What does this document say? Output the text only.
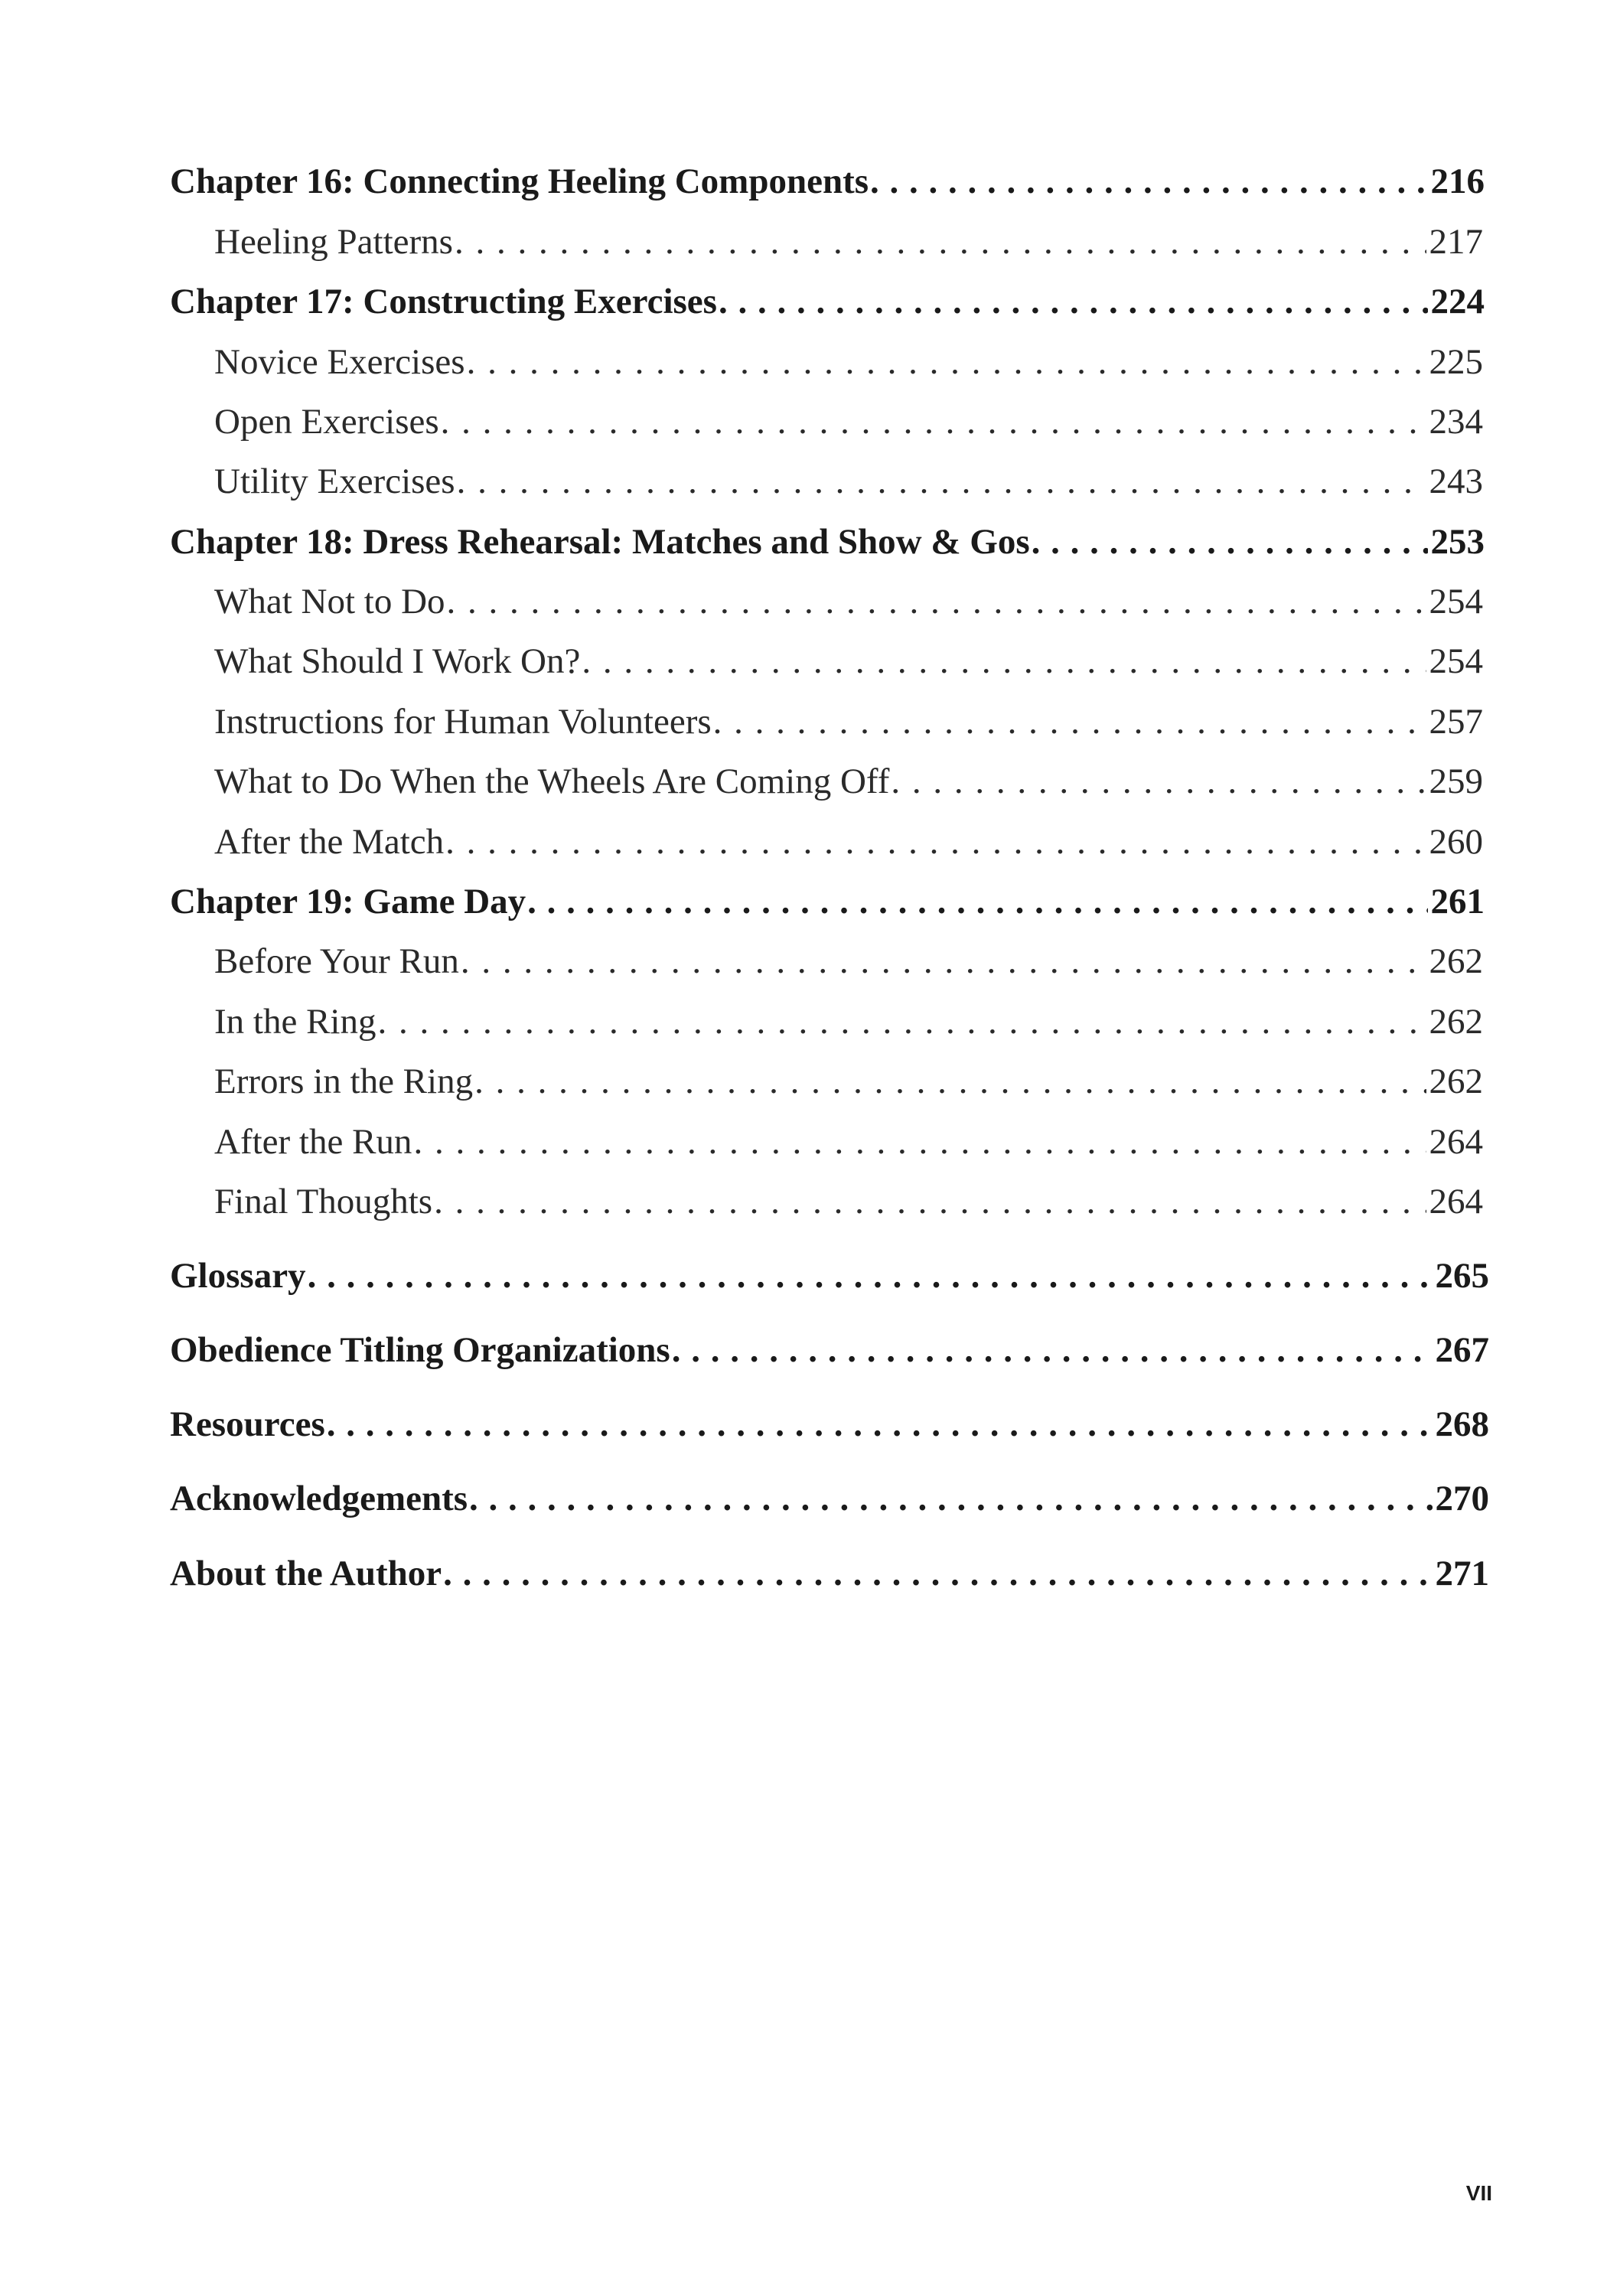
Chapter 16: Connecting Heeling Components . . .	216
Heeling Patterns . . .	217
Chapter 17: Constructing Exercises . . .	224
Novice Exercises . . .	225
Open Exercises . . .	234
Utility Exercises . . .	243
Chapter 18: Dress Rehearsal: Matches and Show & Gos . . .	253
What Not to Do . . .	254
What Should I Work On? . . .	254
Instructions for Human Volunteers . . .	257
What to Do When the Wheels Are Coming Off . . .	259
After the Match . . .	260
Chapter 19: Game Day . . .	261
Before Your Run . . .	262
In the Ring . . .	262
Errors in the Ring . . .	262
After the Run . . .	264
Final Thoughts . . .	264
Glossary . . .	265
Obedience Titling Organizations . . .	267
Resources . . .	268
Acknowledgements . . .	270
About the Author . . .	271
VII
